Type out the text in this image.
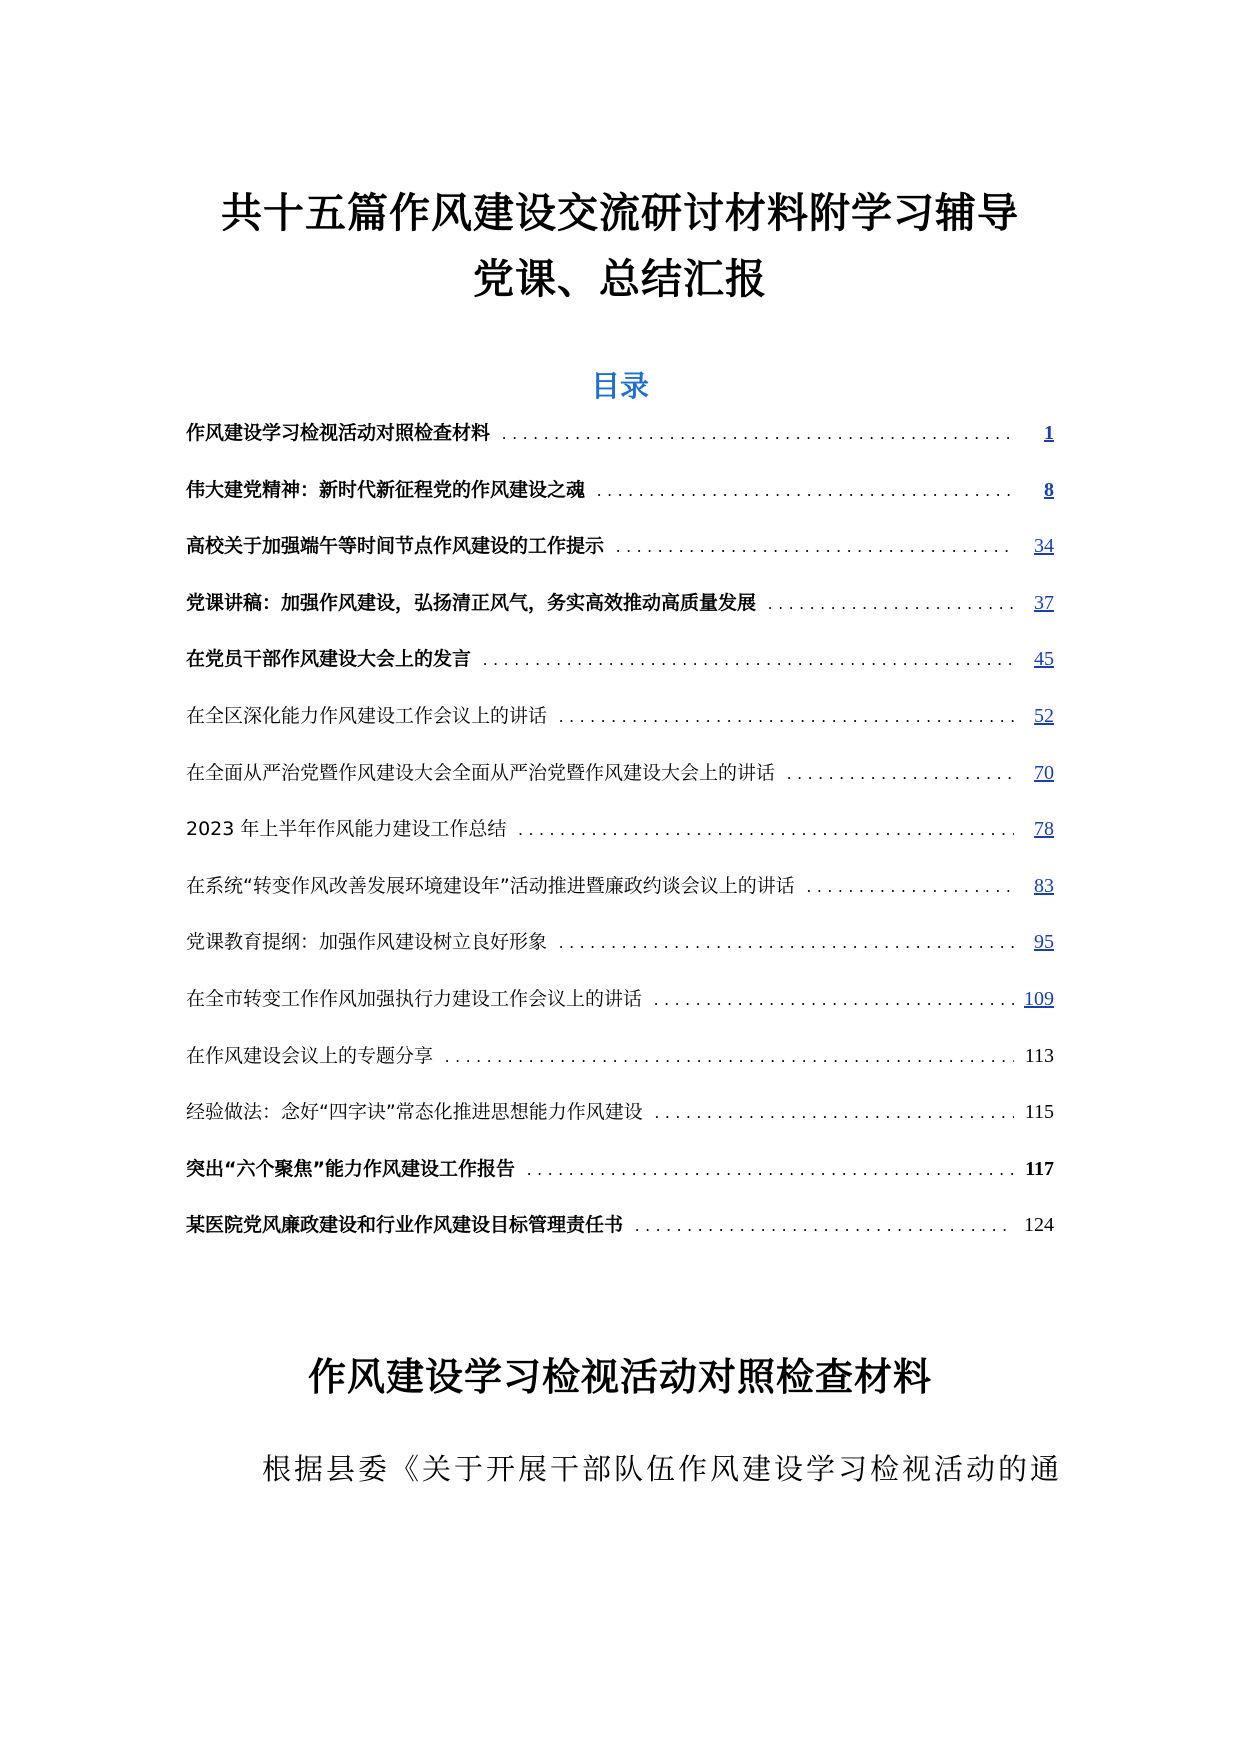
共十五篇作风建设交流研讨材料附学习辅导
党课、总结汇报
目录
作风建设学习检视活动对照检查材料 . . .	1
伟大建党精神：新时代新征程党的作风建设之魂 . . .	8
高校关于加强端午等时间节点作风建设的工作提示 . . .	34
党课讲稿：加强作风建设，弘扬清正风气，务实高效推动高质量发展 . . .	37
在党员干部作风建设大会上的发言 . . .	45
在全区深化能力作风建设工作会议上的讲话 . . .	52
在全面从严治党暨作风建设大会全面从严治党暨作风建设大会上的讲话 . . .	70
2023 年上半年作风能力建设工作总结 . . .	78
在系统“转变作风改善发展环境建设年”活动推进暨廉政约谈会议上的讲话 . . .	83
党课教育提纲：加强作风建设树立良好形象 . . .	95
在全市转变工作作风加强执行力建设工作会议上的讲话 . . .	109
在作风建设会议上的专题分享 . . .	113
经验做法：念好“四字诀”常态化推进思想能力作风建设 . . .	115
突出“六个聚焦”能力作风建设工作报告 . . .	117
某医院党风廉政建设和行业作风建设目标管理责任书 . . .	124
作风建设学习检视活动对照检查材料

根据县委《关于开展干部队伍作风建设学习检视活动的通
